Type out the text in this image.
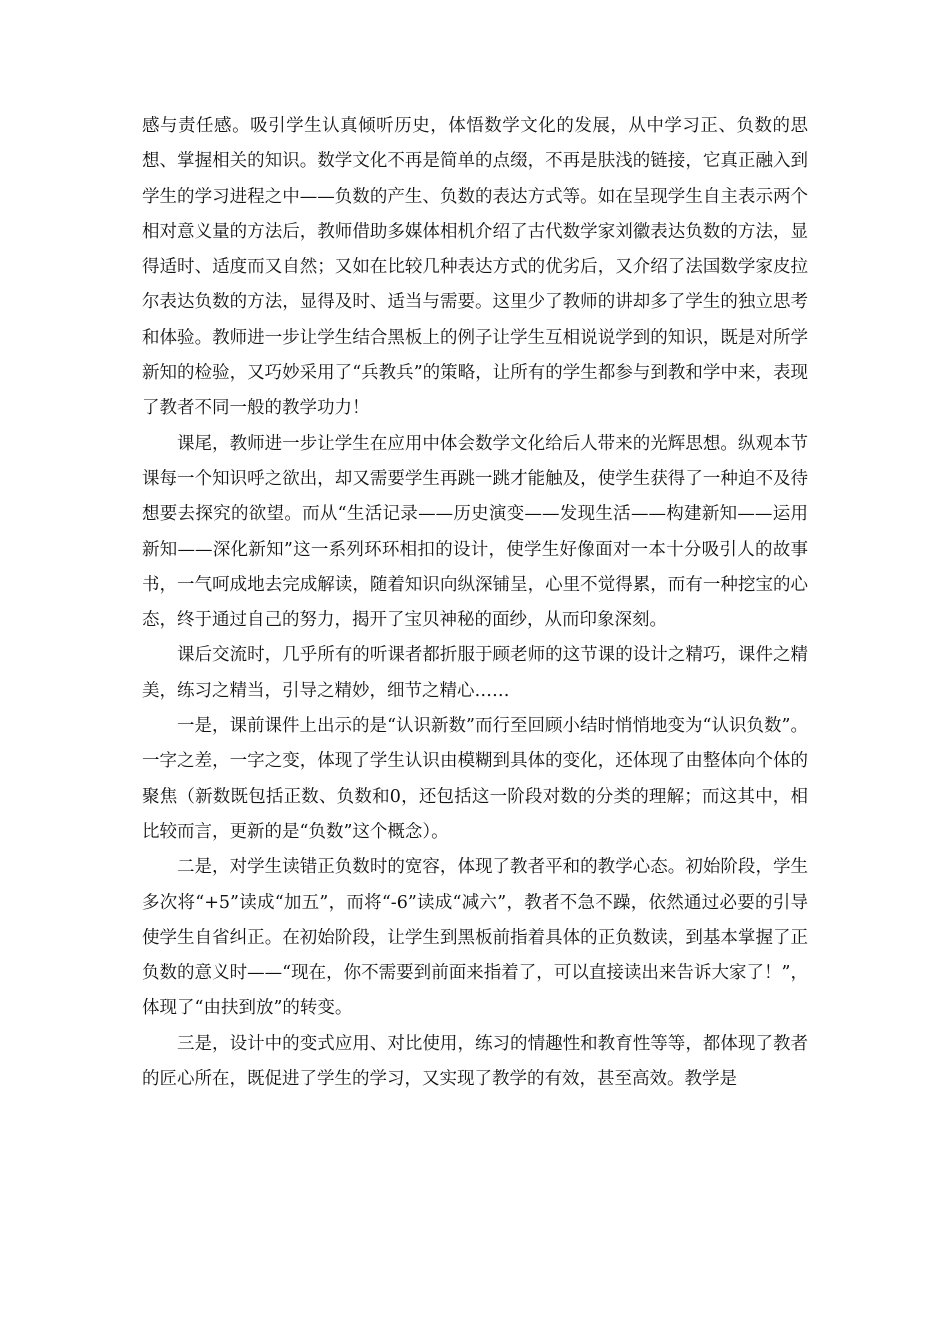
感与责任感。吸引学生认真倾听历史，体悟数学文化的发展，从中学习正、负数的思想、掌握相关的知识。数学文化不再是简单的点缀，不再是肤浅的链接，它真正融入到学生的学习进程之中——负数的产生、负数的表达方式等。如在呈现学生自主表示两个相对意义量的方法后，教师借助多媒体相机介绍了古代数学家刘徽表达负数的方法，显得适时、适度而又自然；又如在比较几种表达方式的优劣后，又介绍了法国数学家皮拉尔表达负数的方法，显得及时、适当与需要。这里少了教师的讲却多了学生的独立思考和体验。教师进一步让学生结合黑板上的例子让学生互相说说学到的知识，既是对所学新知的检验，又巧妙采用了“兵教兵”的策略，让所有的学生都参与到教和学中来，表现了教者不同一般的教学功力！

课尾，教师进一步让学生在应用中体会数学文化给后人带来的光辉思想。纵观本节课每一个知识呼之欲出，却又需要学生再跳一跳才能触及，使学生获得了一种迫不及待想要去探究的欲望。而从“生活记录——历史演变——发现生活——构建新知——运用新知——深化新知”这一系列环环相扣的设计，使学生好像面对一本十分吸引人的故事书，一气呵成地去完成解读，随着知识向纵深铺呈，心里不觉得累，而有一种挖宝的心态，终于通过自己的努力，揭开了宝贝神秘的面纱，从而印象深刻。

课后交流时，几乎所有的听课者都折服于顾老师的这节课的设计之精巧，课件之精美，练习之精当，引导之精妙，细节之精心……

一是，课前课件上出示的是“认识新数”而行至回顾小结时悄悄地变为“认识负数”。一字之差，一字之变，体现了学生认识由模糊到具体的变化，还体现了由整体向个体的聚焦（新数既包括正数、负数和0，还包括这一阶段对数的分类的理解；而这其中，相比较而言，更新的是“负数”这个概念）。

二是，对学生读错正负数时的宽容，体现了教者平和的教学心态。初始阶段，学生多次将“+5”读成“加五”，而将“-6”读成“减六”，教者不急不躁，依然通过必要的引导使学生自省纠正。在初始阶段，让学生到黑板前指着具体的正负数读，到基本掌握了正负数的意义时——“现在，你不需要到前面来指着了，可以直接读出来告诉大家了！”，体现了“由扶到放”的转变。

三是，设计中的变式应用、对比使用，练习的情趣性和教育性等等，都体现了教者的匠心所在，既促进了学生的学习，又实现了教学的有效，甚至高效。教学是
